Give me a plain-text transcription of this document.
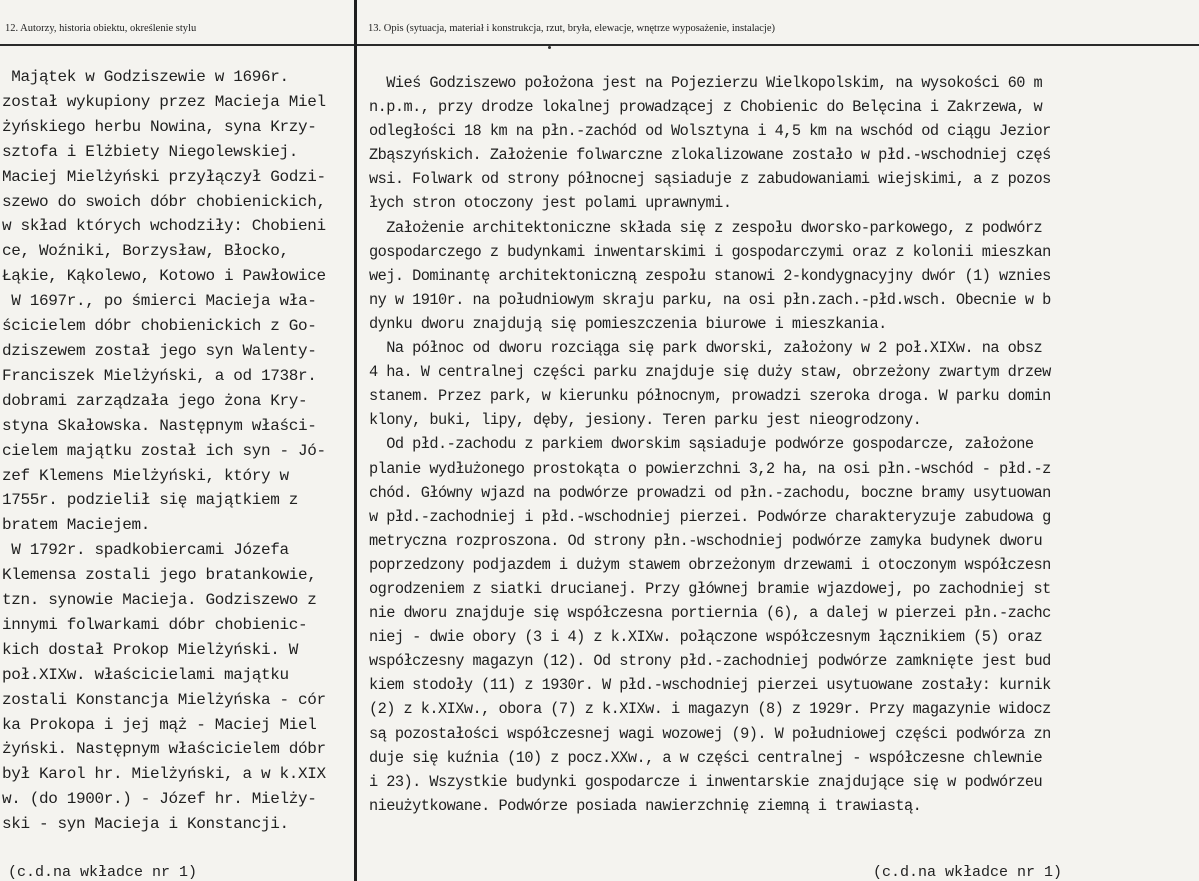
12. Autorzy, historia obiektu, określenie stylu	13. Opis (sytuacja, materiał i konstrukcja, rzut, bryła, elewacje, wnętrze wyposażenie, instalacje)
Majątek w Godziszewie w 1696r.
został wykupiony przez Macieja Miel
żyńskiego herbu Nowina, syna Krzy-
sztofa i Elżbiety Niegolewskiej.
Maciej Mielżyński przyłączył Godzi-
szewo do swoich dóbr chobienickich,
w skład których wchodziły: Chobieni
ce, Woźniki, Borzysław, Błocko,
Łąkie, Kąkolewo, Kotowo i Pawłowice
W 1697r., po śmierci Macieja wła-
ścicielem dóbr chobienickich z Go-
dziszewem został jego syn Walenty-
Franciszek Mielżyński, a od 1738r.
dobrami zarządzała jego żona Kry-
styna Skałowska. Następnym właści-
cielem majątku został ich syn - Jó-
zef Klemens Mielżyński, który w
1755r. podzielił się majątkiem z
bratem Maciejem.
W 1792r. spadkobiercami Józefa
Klemensa zostali jego bratankowie,
tzn. synowie Macieja. Godziszewo z
innymi folwarkami dóbr chobienic-
kich dostał Prokop Mielżyński. W
poł.XIXw. właścicielami majątku
zostali Konstancja Mielżyńska - cór
ka Prokopa i jej mąż - Maciej Miel
żyński. Następnym właścicielem dóbr
był Karol hr. Mielżyński, a w k.XIX
w. (do 1900r.) - Józef hr. Mielży-
ski - syn Macieja i Konstancji.
Wieś Godziszewo położona jest na Pojezierzu Wielkopolskim, na wysokości 60 m
n.p.m., przy drodze lokalnej prowadzącej z Chobienic do Belęcina i Zakrzewa, w
odległości 18 km na płn.-zachód od Wolsztyna i 4,5 km na wschód od ciągu Jezior
Zbąszyńskich. Założenie folwarczne zlokalizowane zostało w płd.-wschodniej częś
wsi. Folwark od strony północnej sąsiaduje z zabudowaniami wiejskimi, a z pozos
łych stron otoczony jest polami uprawnymi.
Założenie architektoniczne składa się z zespołu dworsko-parkowego, z podwórz
gospodarczego z budynkami inwentarskimi i gospodarczymi oraz z kolonii mieszkan
wej. Dominantę architektoniczną zespołu stanowi 2-kondygnacyjny dwór (1) wznies
ny w 1910r. na południowym skraju parku, na osi płn.zach.-płd.wsch. Obecnie w b
dynku dworu znajdują się pomieszczenia biurowe i mieszkania.
Na północ od dworu rozciąga się park dworski, założony w 2 poł.XIXw. na obsz
4 ha. W centralnej części parku znajduje się duży staw, obrzeżony zwartym drzew
stanem. Przez park, w kierunku północnym, prowadzi szeroka droga. W parku domin
klony, buki, lipy, dęby, jesiony. Teren parku jest nieogrodzony.
Od płd.-zachodu z parkiem dworskim sąsiaduje podwórze gospodarcze, założone
planie wydłużonego prostokąta o powierzchni 3,2 ha, na osi płn.-wschód - płd.-z
chód. Główny wjazd na podwórze prowadzi od płn.-zachodu, boczne bramy usytuowan
w płd.-zachodniej i płd.-wschodniej pierzei. Podwórze charakteryzuje zabudowa g
metryczna rozproszona. Od strony płn.-wschodniej podwórze zamyka budynek dworu
poprzedzony podjazdem i dużym stawem obrzeżonym drzewami i otoczonym współczesn
ogrodzeniem z siatki drucianej. Przy głównej bramie wjazdowej, po zachodniej st
nie dworu znajduje się współczesna portiernia (6), a dalej w pierzei płn.-zachc
niej - dwie obory (3 i 4) z k.XIXw. połączone współczesnym łącznikiem (5) oraz
współczesny magazyn (12). Od strony płd.-zachodniej podwórze zamknięte jest bud
kiem stodoły (11) z 1930r. W płd.-wschodniej pierzei usytuowane zostały: kurnik
(2) z k.XIXw., obora (7) z k.XIXw. i magazyn (8) z 1929r. Przy magazynie widocz
są pozostałości współczesnej wagi wozowej (9). W południowej części podwórza zn
duje się kuźnia (10) z pocz.XXw., a w części centralnej - współczesne chlewnie
i 23). Wszystkie budynki gospodarcze i inwentarskie znajdujące się w podwórzeu
nieużytkowane. Podwórze posiada nawierzchnię ziemną i trawiastą.
(c.d.na wkładce nr 1)	(c.d.na wkładce nr 1)
